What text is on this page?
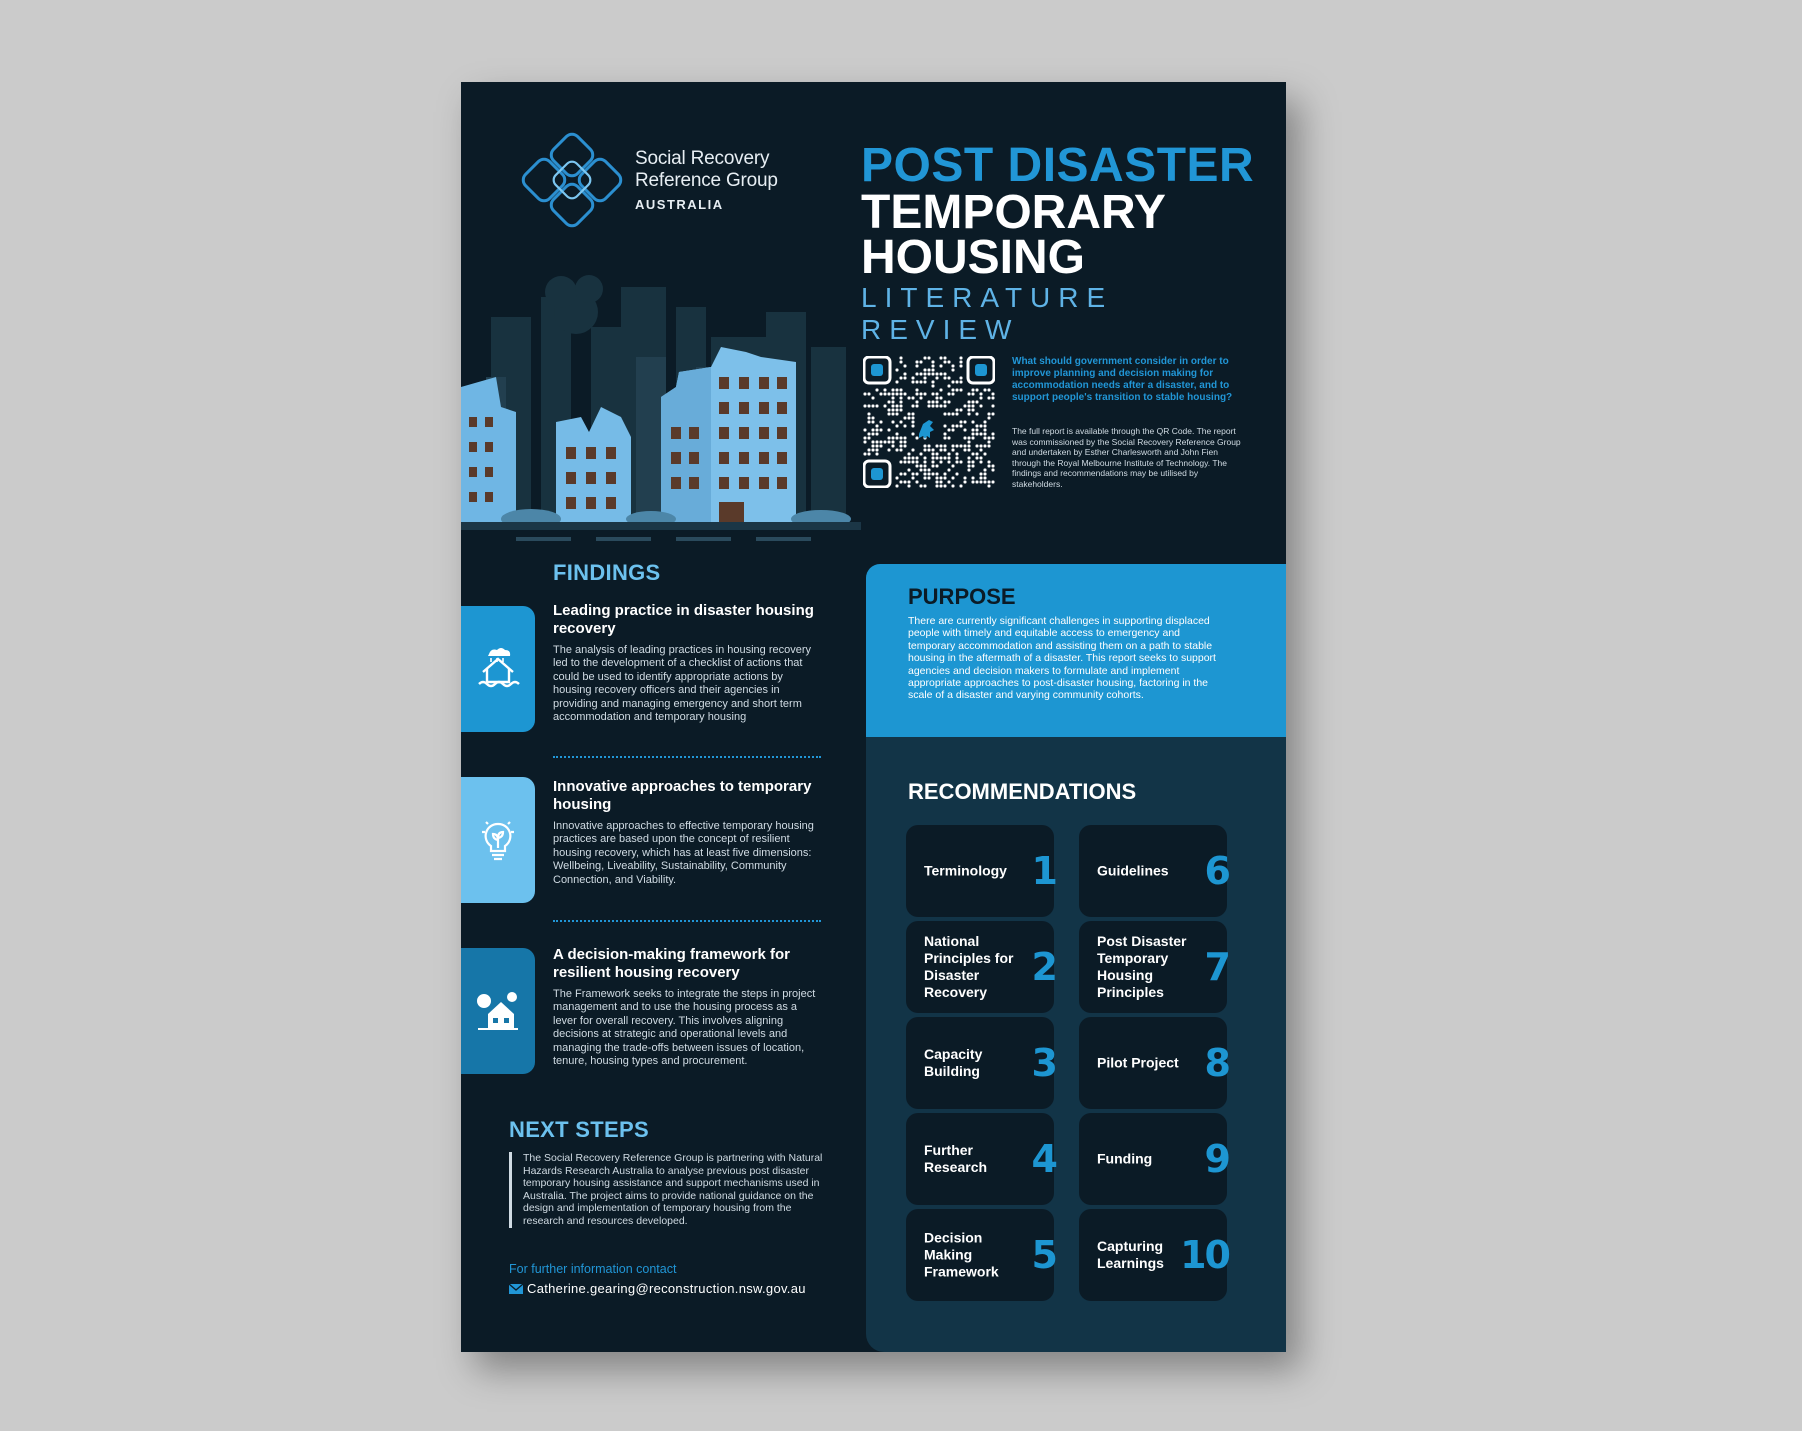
Social Recovery
Reference Group
AUSTRALIA
POST DISASTER
TEMPORARY
HOUSING
LITERATURE REVIEW
What should government consider in order to improve planning and decision making for accommodation needs after a disaster, and to support people's transition to stable housing?
The full report is available through the QR Code. The report was commissioned by the Social Recovery Reference Group and undertaken by Esther Charlesworth and John Fien through the Royal Melbourne Institute of Technology. The findings and recommendations may be utilised by stakeholders.
FINDINGS
Leading practice in disaster housing recovery
The analysis of leading practices in housing recovery led to the development of a checklist of actions that could be used to identify appropriate actions by housing recovery officers and their agencies in providing and managing emergency and short term accommodation and temporary housing
Innovative approaches to temporary housing
Innovative approaches to effective temporary housing practices are based upon the concept of resilient housing recovery, which has at least five dimensions: Wellbeing, Liveability, Sustainability, Community Connection, and Viability.
A decision-making framework for resilient housing recovery
The Framework seeks to integrate the steps in project management and to use the housing process as a lever for overall recovery. This involves aligning decisions at strategic and operational levels and managing the trade-offs between issues of location, tenure, housing types and procurement.
NEXT STEPS
The Social Recovery Reference Group is partnering with Natural Hazards Research Australia to analyse previous post disaster temporary housing assistance and support mechanisms used in Australia. The project aims to provide national guidance on the design and implementation of temporary housing from the research and resources developed.
For further information contact
Catherine.gearing@reconstruction.nsw.gov.au
PURPOSE
There are currently significant challenges in supporting displaced people with timely and equitable access to emergency and temporary accommodation and assisting them on a path to stable housing in the aftermath of a disaster. This report seeks to support agencies and decision makers to formulate and implement appropriate approaches to post-disaster housing, factoring in the scale of a disaster and varying community cohorts.
RECOMMENDATIONS
Terminology 1
National Principles for Disaster Recovery
2
Capacity Building	3
Further Research	4
Decision Making Framework 5
Guidelines 6
Post Disaster Temporary Housing Principles
7
Pilot Project 8
Funding	9
Capturing Learnings 10
